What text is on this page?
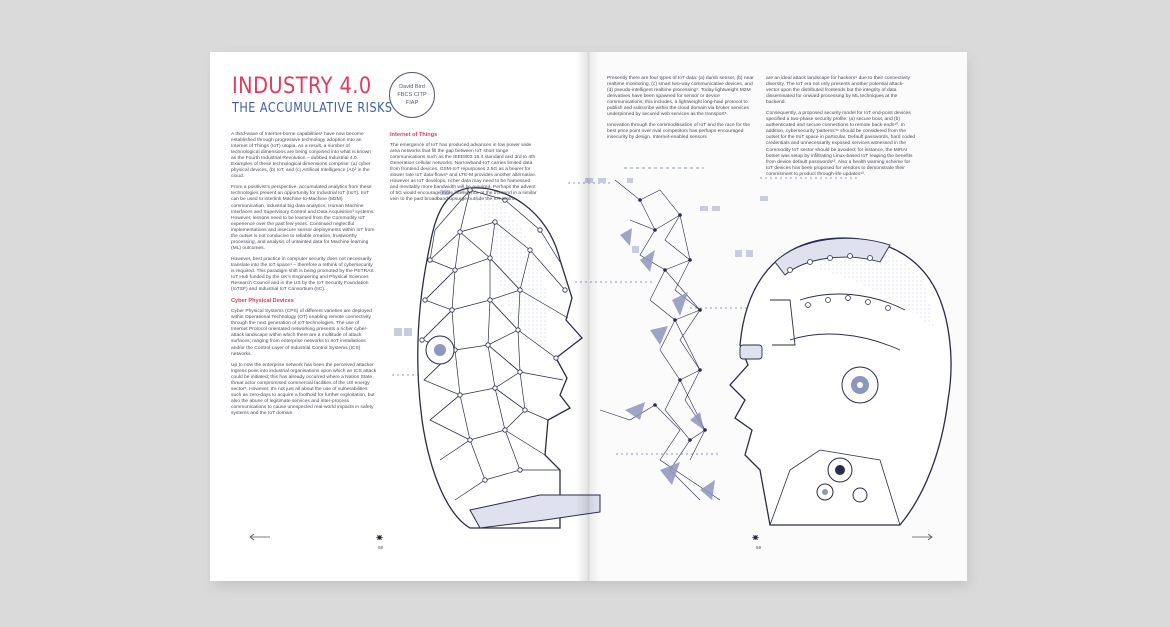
INDUSTRY 4.0
THE ACCUMULATIVE RISKS
David Bird
FBCS CITP
FIAP

A third-wave of Internet-borne capabilities¹ have now become established through progressive technology adoption into an Internet of Things (IoT) utopia. As a result, a number of technological dimensions are being conjoined into what is known as the Fourth Industrial Revolution – dubbed Industrial 4.0. Examples of these technological dimensions comprise: (a) cyber physical devices, (b) IoT, and (c) Artificial Intelligence (AI)² in the cloud.

From a positivist's perspective, accumulated analytics from these technologies present an opportunity for Industrial IoT (IIoT). IIoT can be used to interlink Machine-to-Machine (M2M) communication, industrial big data analytics, Human Machine Interfaces and Supervisory Control and Data Acquisition³ systems. However, lessons need to be learned from the Commodity IoT experience over the past few years. Continued neglectful implementations and insecure sensor deployments within IoT from the outset is not conducive to reliable creation, trustworthy processing, and analysis of untainted data for Machine-learning (ML) outcomes.

However, best practice in computer security does not necessarily translate into the IoT space⁴ – therefore a rethink of cybersecurity is required. This paradigm shift is being promoted by the PETRAS IoT Hub funded by the UK's Engineering and Physical Sciences Research Council and in the US by the IoT Security Foundation (IoTSF) and Industrial IoT Consortium (IIC).

Cyber Physical Devices

Cyber Physical Systems (CPS) of different varieties are deployed within Operational Technology (OT) enabling remote connectivity through the next generation of IoT technologies. The use of Internet Protocol orientated networking presents a richer cyber-attack landscape within which there are a multitude of attack surfaces; ranging from enterprise networks to IIoT installations and/or the Control Layer of Industrial Control Systems (ICS) networks.

Up to now the enterprise network has been the perceived attacker ingress point into industrial organisations upon which an ICS attack could be initiated; this has already occurred where a Nation State threat actor compromised commercial facilities of the US energy sector⁵. However, it's not just all about the use of vulnerabilities such as zero-days to acquire a foothold for further exploitation, but also the abuse of legitimate services and inter-process communications to cause unexpected real-world impacts in safety systems and the IoT domain.

Internet of Things

The emergence of IoT has produced advances in low power wide area networks that fill the gap between IoT short range communications such as the IEEE802.15.4 standard and 3rd to 4th Generation cellular networks. Narrowband-IoT carries limited data from frontend devices. GSM-IoT repurposes 2.5G as a bearer for slower rate IoT data-flows⁶ and LTE-M provides another alternative. However as IoT develops, richer data may need to be harnessed and inevitably more bandwidth will be required. Perhaps the advent of 5G would encourage more intelligence at the frontend in a similar vein to the past broadband upsurge outside the IoT realm.

Presently there are four types of IoT data: (a) dumb sensor, (b) near realtime monitoring, (c) smart two-way communicative devices, and (d) pseudo-intelligent realtime processing⁷. Today lightweight M2M derivatives have been spawned for sensor or device communications; this includes, a lightweight long-haul protocol to publish and subscribe within the cloud domain via broker services underpinned by secured web services as the transport⁸.

Innovation through the commoditisation of IoT and the race for the best price point over rival competitors has perhaps encouraged insecurity by design. Internet-enabled sensors

are an ideal attack landscape for hackers⁹ due to their connectivity diversity. The IoT era not only presents another potential attack-vector upon the distributed frontends but the integrity of data disseminated for onward processing by ML techniques at the backend.

Consequently, a proposed security model for IoT end-point devices specified a two-phase security profile: (a) secure boot, and (b) authenticated and secure connections to remote back-ends¹⁰. In addition, cybersecurity 'patterns'¹¹ should be considered from the outset for the IIoT space in particular. Default passwords, hard coded credentials and unnecessarily exposed services witnessed in the Commodity IoT sector should be avoided; for instance, the MIRAI botnet was setup by infiltrating Linux-based IoT reaping the benefits from device default passwords¹². Also a health warning scheme for IoT devices has been proposed for vendors to demonstrate their commitment to product through-life updates¹³.

58	59
